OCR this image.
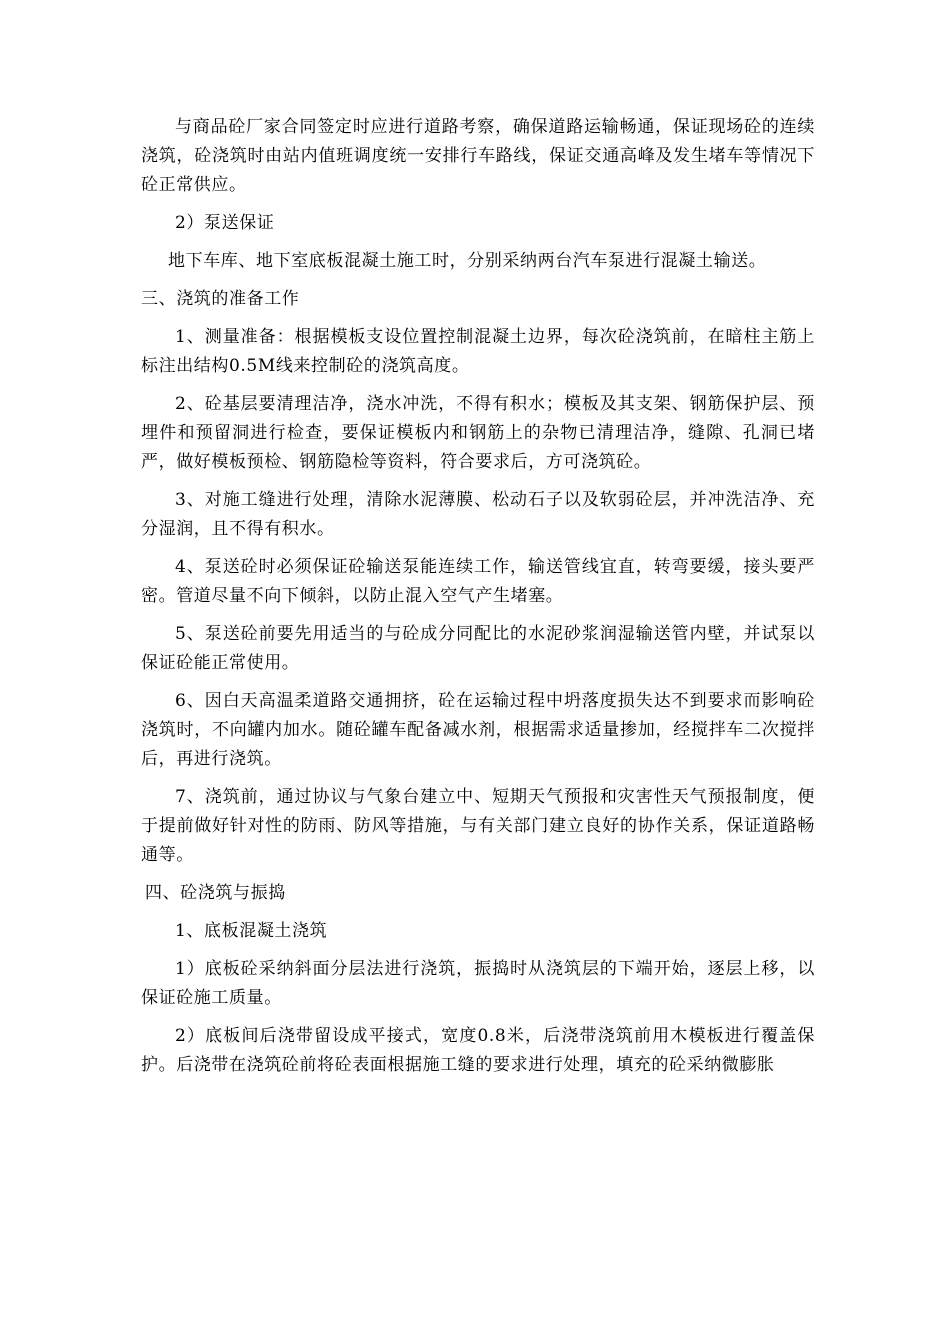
与商品砼厂家合同签定时应进行道路考察，确保道路运输畅通，保证现场砼的连续浇筑，砼浇筑时由站内值班调度统一安排行车路线，保证交通高峰及发生堵车等情况下砼正常供应。

2）泵送保证

地下车库、地下室底板混凝土施工时，分别采纳两台汽车泵进行混凝土输送。

三、浇筑的准备工作

1、测量准备：根据模板支设位置控制混凝土边界，每次砼浇筑前，在暗柱主筋上标注出结构0.5M线来控制砼的浇筑高度。

2、砼基层要清理洁净，浇水冲洗，不得有积水；模板及其支架、钢筋保护层、预埋件和预留洞进行检查，要保证模板内和钢筋上的杂物已清理洁净，缝隙、孔洞已堵严，做好模板预检、钢筋隐检等资料，符合要求后，方可浇筑砼。

3、对施工缝进行处理，清除水泥薄膜、松动石子以及软弱砼层，并冲洗洁净、充分湿润，且不得有积水。

4、泵送砼时必须保证砼输送泵能连续工作，输送管线宜直，转弯要缓，接头要严密。管道尽量不向下倾斜，以防止混入空气产生堵塞。

5、泵送砼前要先用适当的与砼成分同配比的水泥砂浆润湿输送管内壁，并试泵以保证砼能正常使用。

6、因白天高温柔道路交通拥挤，砼在运输过程中坍落度损失达不到要求而影响砼浇筑时，不向罐内加水。随砼罐车配备减水剂，根据需求适量掺加，经搅拌车二次搅拌后，再进行浇筑。

7、浇筑前，通过协议与气象台建立中、短期天气预报和灾害性天气预报制度，便于提前做好针对性的防雨、防风等措施，与有关部门建立良好的协作关系，保证道路畅通等。

四、砼浇筑与振捣

1、底板混凝土浇筑

1）底板砼采纳斜面分层法进行浇筑，振捣时从浇筑层的下端开始，逐层上移，以保证砼施工质量。

2）底板间后浇带留设成平接式，宽度0.8米，后浇带浇筑前用木模板进行覆盖保护。后浇带在浇筑砼前将砼表面根据施工缝的要求进行处理，填充的砼采纳微膨胀
